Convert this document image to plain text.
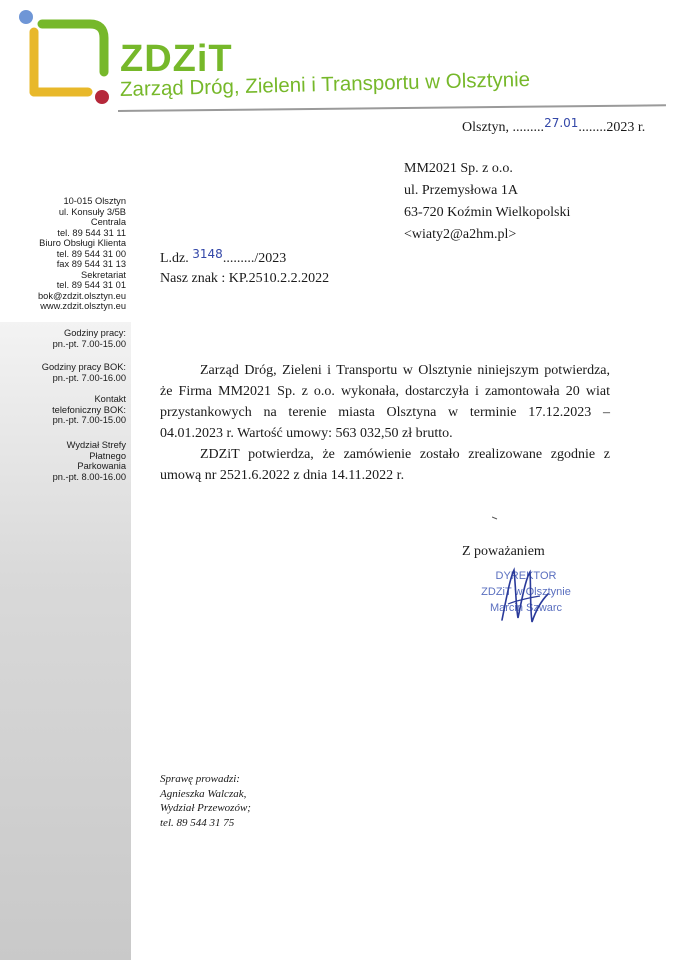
ZDZiT
Zarząd Dróg, Zieleni i Transportu w Olsztynie
Olsztyn, .........27.01........2023 r.
MM2021 Sp. z o.o.
ul. Przemysłowa 1A
63-720 Koźmin Wielkopolski
<wiaty2@a2hm.pl>
10-015 Olsztyn
ul. Konsuły 3/5B
Centrala
tel. 89 544 31 11
Biuro Obsługi Klienta
tel. 89 544 31 00
fax 89 544 31 13
Sekretariat
tel. 89 544 31 01
bok@zdzit.olsztyn.eu
www.zdzit.olsztyn.eu
Godziny pracy:
pn.-pt. 7.00-15.00
Godziny pracy BOK:
pn.-pt. 7.00-16.00
Kontakt
telefoniczny BOK:
pn.-pt. 7.00-15.00
Wydział Strefy
Płatnego
Parkowania
pn.-pt. 8.00-16.00
L.dz. 3148........./2023
Nasz znak : KP.2510.2.2.2022

Zarząd Dróg, Zieleni i Transportu w Olsztynie niniejszym potwierdza, że Firma MM2021 Sp. z o.o. wykonała, dostarczyła i zamontowała 20 wiat przystankowych na terenie miasta Olsztyna w terminie 17.12.2023 – 04.01.2023 r. Wartość umowy: 563 032,50 zł brutto.

ZDZiT potwierdza, że zamówienie zostało zrealizowane zgodnie z umową nr 2521.6.2022 z dnia 14.11.2022 r.

Z poważaniem
DYREKTOR
ZDZiT w Olsztynie
Marcin Szwarc
Sprawę prowadzi:
Agnieszka Walczak,
Wydział Przewozów;
tel. 89 544 31 75
